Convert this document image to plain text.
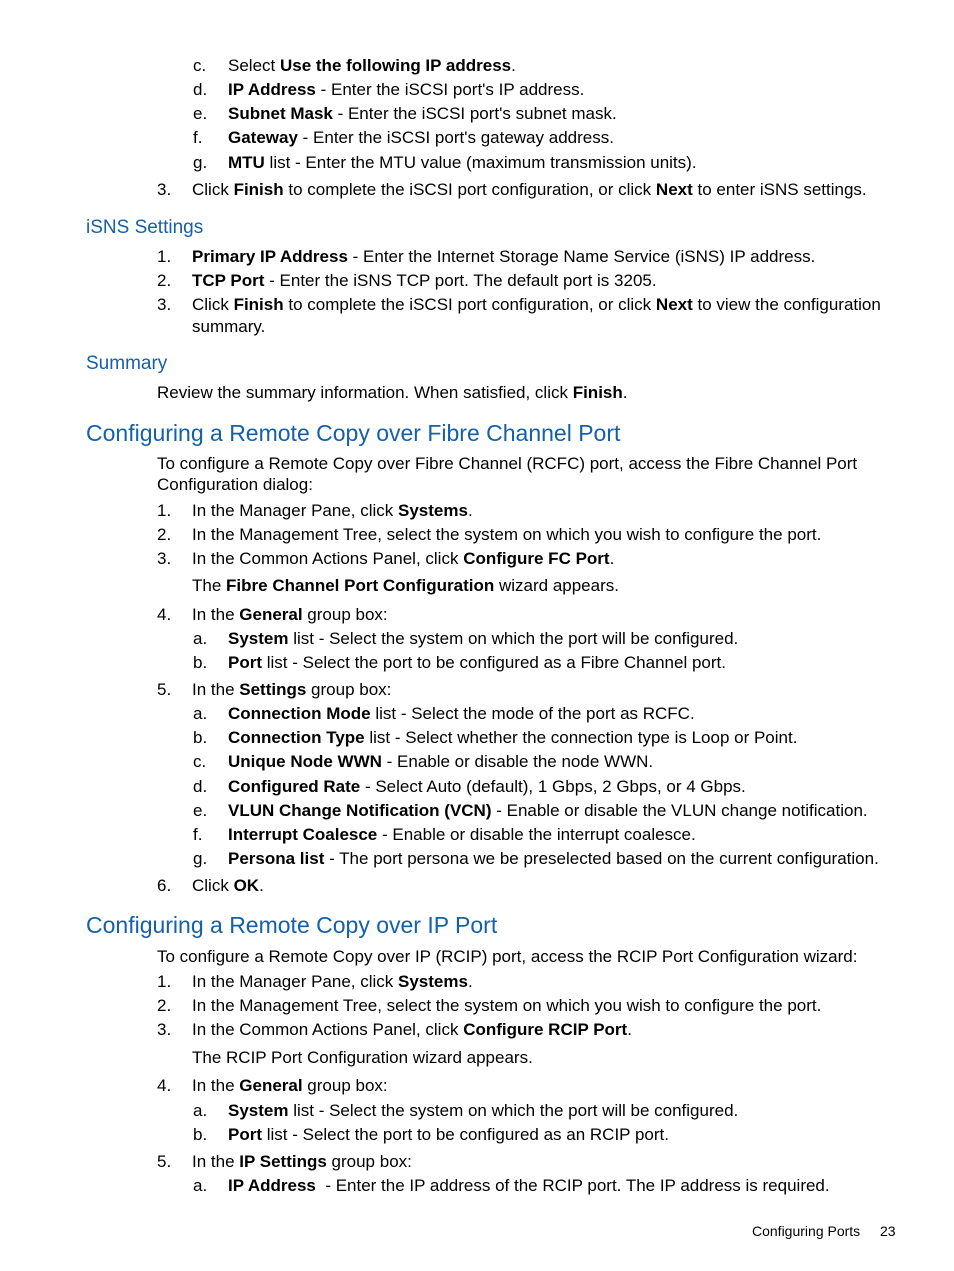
c. Select Use the following IP address.
d. IP Address - Enter the iSCSI port's IP address.
e. Subnet Mask - Enter the iSCSI port's subnet mask.
f. Gateway - Enter the iSCSI port's gateway address.
g. MTU list - Enter the MTU value (maximum transmission units).
3. Click Finish to complete the iSCSI port configuration, or click Next to enter iSNS settings.
iSNS Settings
1. Primary IP Address - Enter the Internet Storage Name Service (iSNS) IP address.
2. TCP Port - Enter the iSNS TCP port. The default port is 3205.
3. Click Finish to complete the iSCSI port configuration, or click Next to view the configuration
summary.
Summary
Review the summary information. When satisfied, click Finish.
Configuring a Remote Copy over Fibre Channel Port
To configure a Remote Copy over Fibre Channel (RCFC) port, access the Fibre Channel Port
Configuration dialog:
1. In the Manager Pane, click Systems.
2. In the Management Tree, select the system on which you wish to configure the port.
3. In the Common Actions Panel, click Configure FC Port.
The Fibre Channel Port Configuration wizard appears.
4. In the General group box:
a. System list - Select the system on which the port will be configured.
b. Port list - Select the port to be configured as a Fibre Channel port.
5. In the Settings group box:
a. Connection Mode list - Select the mode of the port as RCFC.
b. Connection Type list - Select whether the connection type is Loop or Point.
c. Unique Node WWN - Enable or disable the node WWN.
d. Configured Rate - Select Auto (default), 1 Gbps, 2 Gbps, or 4 Gbps.
e. VLUN Change Notification (VCN) - Enable or disable the VLUN change notification.
f. Interrupt Coalesce - Enable or disable the interrupt coalesce.
g. Persona list - The port persona we be preselected based on the current configuration.
6. Click OK.
Configuring a Remote Copy over IP Port
To configure a Remote Copy over IP (RCIP) port, access the RCIP Port Configuration wizard:
1. In the Manager Pane, click Systems.
2. In the Management Tree, select the system on which you wish to configure the port.
3. In the Common Actions Panel, click Configure RCIP Port.
The RCIP Port Configuration wizard appears.
4. In the General group box:
a. System list - Select the system on which the port will be configured.
b. Port list - Select the port to be configured as an RCIP port.
5. In the IP Settings group box:
a. IP Address  - Enter the IP address of the RCIP port. The IP address is required.
Configuring Ports 23
